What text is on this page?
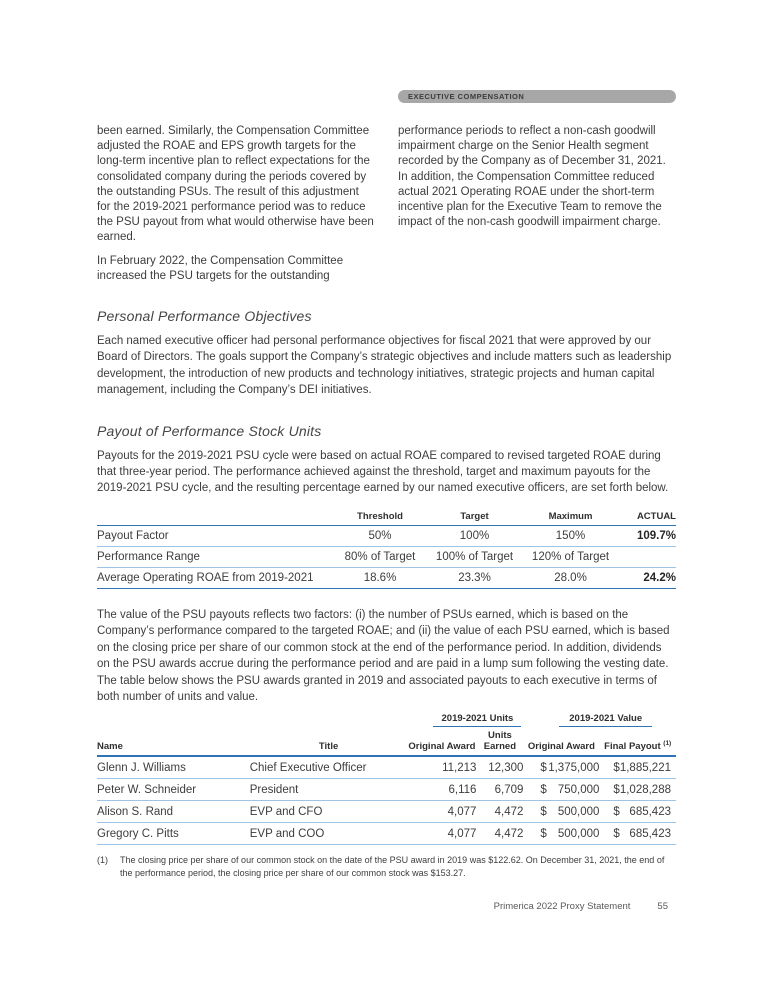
been earned. Similarly, the Compensation Committee adjusted the ROAE and EPS growth targets for the long-term incentive plan to reflect expectations for the consolidated company during the periods covered by the outstanding PSUs. The result of this adjustment for the 2019-2021 performance period was to reduce the PSU payout from what would otherwise have been earned.

In February 2022, the Compensation Committee increased the PSU targets for the outstanding

EXECUTIVE COMPENSATION

performance periods to reflect a non-cash goodwill impairment charge on the Senior Health segment recorded by the Company as of December 31, 2021. In addition, the Compensation Committee reduced actual 2021 Operating ROAE under the short-term incentive plan for the Executive Team to remove the impact of the non-cash goodwill impairment charge.

Personal Performance Objectives

Each named executive officer had personal performance objectives for fiscal 2021 that were approved by our Board of Directors. The goals support the Company’s strategic objectives and include matters such as leadership development, the introduction of new products and technology initiatives, strategic projects and human capital management, including the Company’s DEI initiatives.

Payout of Performance Stock Units

Payouts for the 2019-2021 PSU cycle were based on actual ROAE compared to revised targeted ROAE during that three-year period. The performance achieved against the threshold, target and maximum payouts for the 2019-2021 PSU cycle, and the resulting percentage earned by our named executive officers, are set forth below.

	Threshold	Target	Maximum	ACTUAL
Payout Factor	50%	100%	150%	109.7%
Performance Range	80% of Target	100% of Target	120% of Target	
Average Operating ROAE from 2019-2021	18.6%	23.3%	28.0%	24.2%

The value of the PSU payouts reflects two factors: (i) the number of PSUs earned, which is based on the Company’s performance compared to the targeted ROAE; and (ii) the value of each PSU earned, which is based on the closing price per share of our common stock at the end of the performance period. In addition, dividends on the PSU awards accrue during the performance period and are paid in a lump sum following the vesting date. The table below shows the PSU awards granted in 2019 and associated payouts to each executive in terms of both number of units and value.

		2019-2021 Units		2019-2021 Value	

Name	Title	Original Award	Units Earned	Original Award	Final Payout $^{(1)}$
Glenn J. Williams	Chief Executive Officer	11,213	12,300	$ 1,375,000	$ 1,885,221

Peter W. Schneider	President	6,116	6,709	$ 750,000	$ 1,028,288

Alison S. Rand	EVP and CFO	4,077	4,472	$ 500,000	$ 685,423

Gregory C. Pitts	EVP and COO	4,077	4,472	$ 500,000	$ 685,423
(1)	The closing price per share of our common stock on the date of the PSU award in 2019 was $122.62. On December 31, 2021, the end of the performance period, the closing price per share of our common stock was $153.27.
Primerica 2022 Proxy Statement	55
